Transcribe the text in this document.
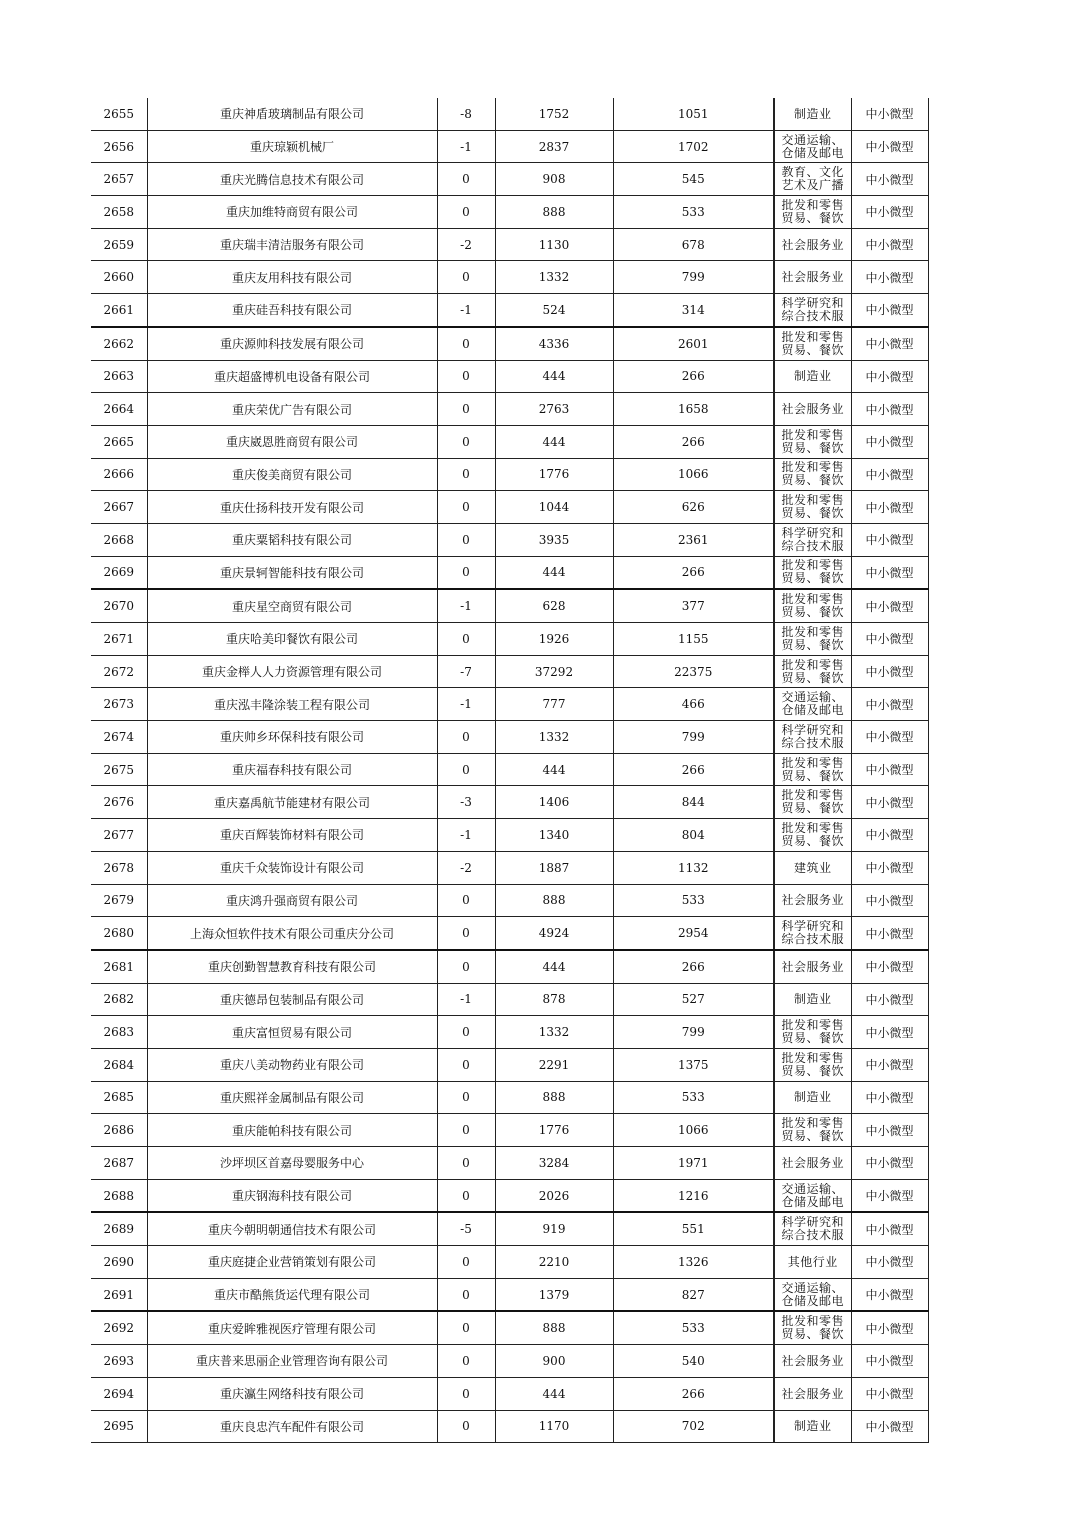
2655	重庆神盾玻璃制品有限公司	-8	1752	1051	制造业	中小微型	
2656	重庆琼颖机械厂	-1	2837	1702	交通运输、仓储及邮电	中小微型	
2657	重庆光腾信息技术有限公司	0	908	545	教育、文化艺术及广播	中小微型	
2658	重庆加维特商贸有限公司	0	888	533	批发和零售贸易、餐饮	中小微型	
2659	重庆瑞丰清洁服务有限公司	-2	1130	678	社会服务业	中小微型	
2660	重庆友用科技有限公司	0	1332	799	社会服务业	中小微型	
2661	重庆硅吾科技有限公司	-1	524	314	科学研究和综合技术服	中小微型	
2662	重庆源帅科技发展有限公司	0	4336	2601	批发和零售贸易、餐饮	中小微型	
2663	重庆超盛博机电设备有限公司	0	444	266	制造业	中小微型	
2664	重庆荣优广告有限公司	0	2763	1658	社会服务业	中小微型	
2665	重庆崴恩胜商贸有限公司	0	444	266	批发和零售贸易、餐饮	中小微型	
2666	重庆俊美商贸有限公司	0	1776	1066	批发和零售贸易、餐饮	中小微型	
2667	重庆仕扬科技开发有限公司	0	1044	626	批发和零售贸易、餐饮	中小微型	
2668	重庆粟韬科技有限公司	0	3935	2361	科学研究和综合技术服	中小微型	
2669	重庆景轲智能科技有限公司	0	444	266	批发和零售贸易、餐饮	中小微型	
2670	重庆星空商贸有限公司	-1	628	377	批发和零售贸易、餐饮	中小微型	
2671	重庆哈美印餐饮有限公司	0	1926	1155	批发和零售贸易、餐饮	中小微型	
2672	重庆金榉人人力资源管理有限公司	-7	37292	22375	批发和零售贸易、餐饮	中小微型	
2673	重庆泓丰隆涂装工程有限公司	-1	777	466	交通运输、仓储及邮电	中小微型	
2674	重庆帅乡环保科技有限公司	0	1332	799	科学研究和综合技术服	中小微型	
2675	重庆福春科技有限公司	0	444	266	批发和零售贸易、餐饮	中小微型	
2676	重庆嘉禹航节能建材有限公司	-3	1406	844	批发和零售贸易、餐饮	中小微型	
2677	重庆百辉装饰材料有限公司	-1	1340	804	批发和零售贸易、餐饮	中小微型	
2678	重庆千众装饰设计有限公司	-2	1887	1132	建筑业	中小微型	
2679	重庆鸿升强商贸有限公司	0	888	533	社会服务业	中小微型	
2680	上海众恒软件技术有限公司重庆分公司	0	4924	2954	科学研究和综合技术服	中小微型	
2681	重庆创勤智慧教育科技有限公司	0	444	266	社会服务业	中小微型	
2682	重庆德昂包装制品有限公司	-1	878	527	制造业	中小微型	
2683	重庆富恒贸易有限公司	0	1332	799	批发和零售贸易、餐饮	中小微型	
2684	重庆八美动物药业有限公司	0	2291	1375	批发和零售贸易、餐饮	中小微型	
2685	重庆熙祥金属制品有限公司	0	888	533	制造业	中小微型	
2686	重庆能帕科技有限公司	0	1776	1066	批发和零售贸易、餐饮	中小微型	
2687	沙坪坝区首嘉母婴服务中心	0	3284	1971	社会服务业	中小微型	
2688	重庆钢海科技有限公司	0	2026	1216	交通运输、仓储及邮电	中小微型	
2689	重庆今朝明朝通信技术有限公司	-5	919	551	科学研究和综合技术服	中小微型	
2690	重庆庭捷企业营销策划有限公司	0	2210	1326	其他行业	中小微型	
2691	重庆市酷熊货运代理有限公司	0	1379	827	交通运输、仓储及邮电	中小微型	
2692	重庆爱眸雅视医疗管理有限公司	0	888	533	批发和零售贸易、餐饮	中小微型	
2693	重庆普来思丽企业管理咨询有限公司	0	900	540	社会服务业	中小微型	
2694	重庆瀛生网络科技有限公司	0	444	266	社会服务业	中小微型	
2695	重庆良忠汽车配件有限公司	0	1170	702	制造业	中小微型	
